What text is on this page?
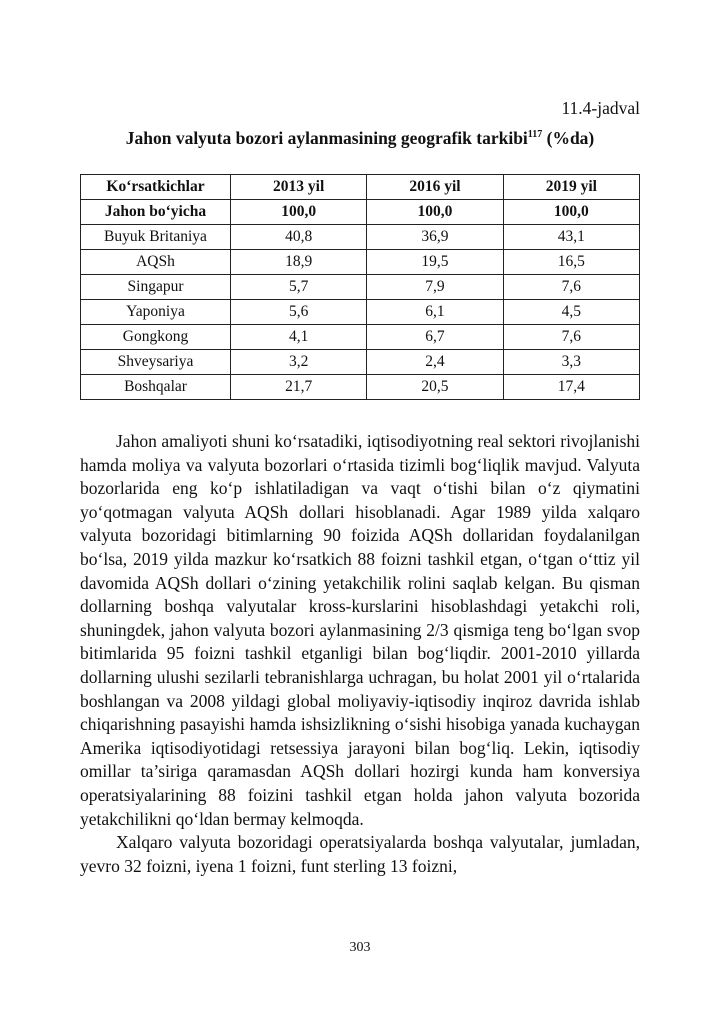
11.4-jadval
Jahon valyuta bozori aylanmasining geografik tarkibi$^{117}$ (%da)
Ko‘rsatkichlar	2013 yil	2016 yil	2019 yil
Jahon bo‘yicha	100,0	100,0	100,0
Buyuk Britaniya	40,8	36,9	43,1
AQSh	18,9	19,5	16,5
Singapur	5,7	7,9	7,6
Yaponiya	5,6	6,1	4,5
Gongkong	4,1	6,7	7,6
Shveysariya	3,2	2,4	3,3
Boshqalar	21,7	20,5	17,4

Jahon amaliyoti shuni ko‘rsatadiki, iqtisodiyotning real sektori rivojlanishi hamda moliya va valyuta bozorlari o‘rtasida tizimli bog‘liqlik mavjud. Valyuta bozorlarida eng ko‘p ishlatiladigan va vaqt o‘tishi bilan o‘z qiymatini yo‘qotmagan valyuta AQSh dollari hisoblanadi. Agar 1989 yilda xalqaro valyuta bozoridagi bitimlarning 90 foizida AQSh dollaridan foydalanilgan bo‘lsa, 2019 yilda mazkur ko‘rsatkich 88 foizni tashkil etgan, o‘tgan o‘ttiz yil davomida AQSh dollari o‘zining yetakchilik rolini saqlab kelgan. Bu qisman dollarning boshqa valyutalar kross-kurslarini hisoblashdagi yetakchi roli, shuningdek, jahon valyuta bozori aylanmasining 2/3 qismiga teng bo‘lgan svop bitimlarida 95 foizni tashkil etganligi bilan bog‘liqdir. 2001-2010 yillarda dollarning ulushi sezilarli tebranishlarga uchragan, bu holat 2001 yil o‘rtalarida boshlangan va 2008 yildagi global moliyaviy-iqtisodiy inqiroz davrida ishlab chiqarishning pasayishi hamda ishsizlikning o‘sishi hisobiga yanada kuchaygan Amerika iqtisodiyotidagi retsessiya jarayoni bilan bog‘liq. Lekin, iqtisodiy omillar ta’siriga qaramasdan AQSh dollari hozirgi kunda ham konversiya operatsiyalarining 88 foizini tashkil etgan holda jahon valyuta bozorida yetakchilikni qo‘ldan bermay kelmoqda.

Xalqaro valyuta bozoridagi operatsiyalarda boshqa valyutalar, jumladan, yevro 32 foizni, iyena 1 foizni, funt sterling 13 foizni,

303
